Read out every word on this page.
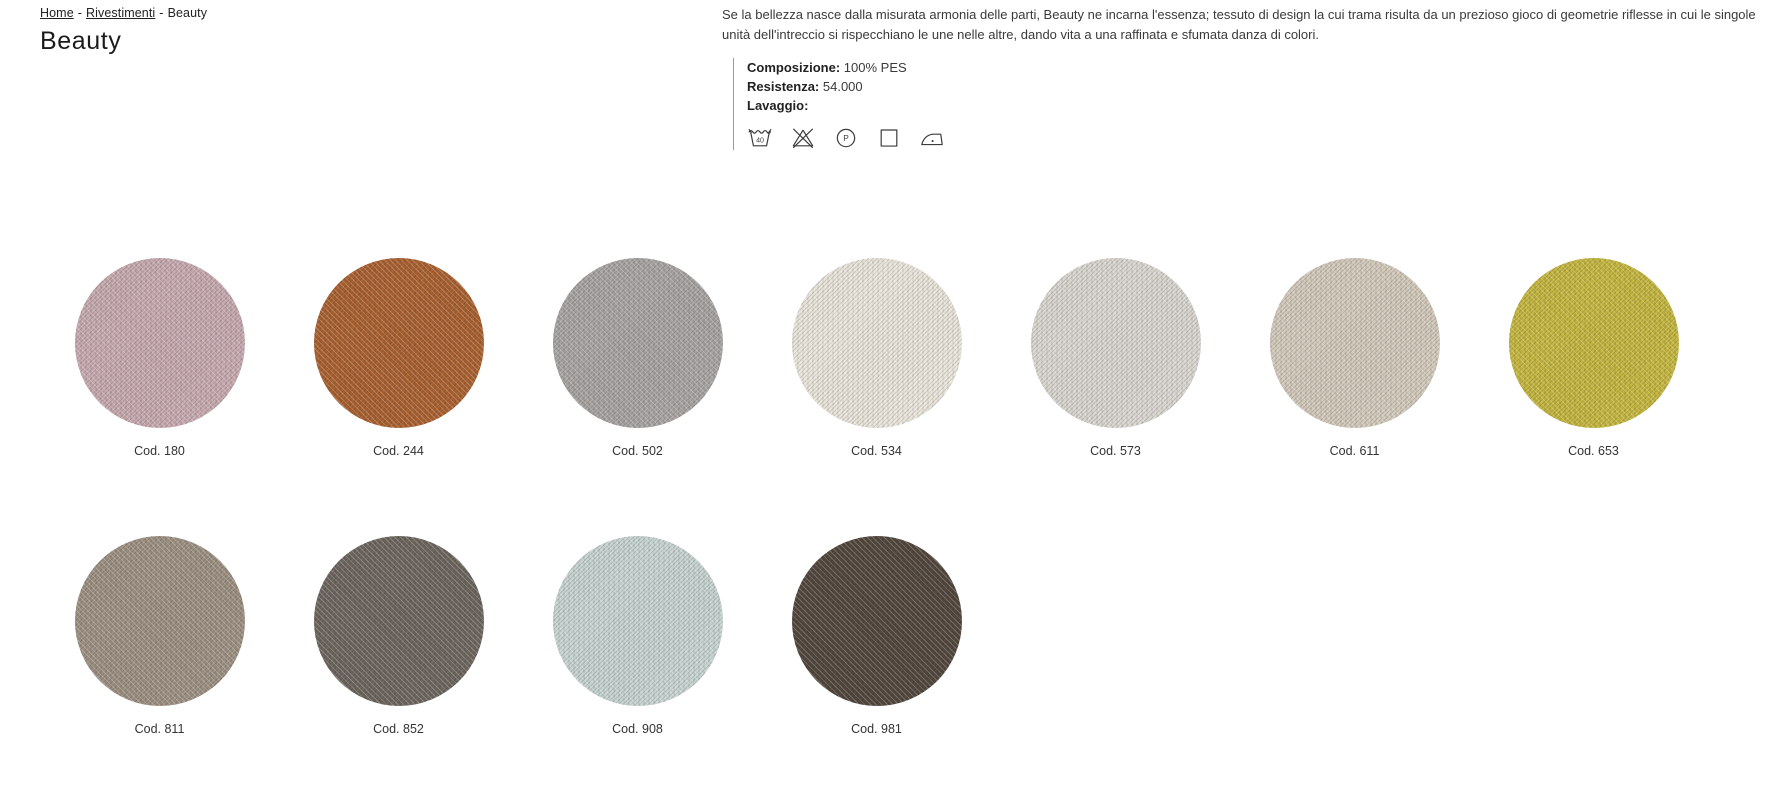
Home - Rivestimenti - Beauty
Beauty

Se la bellezza nasce dalla misurata armonia delle parti, Beauty ne incarna l'essenza; tessuto di design la cui trama risulta da un prezioso gioco di geometrie riflesse in cui le singole unità dell'intreccio si rispecchiano le une nelle altre, dando vita a una raffinata e sfumata danza di colori.

Composizione: 100% PES
Resistenza: 54.000
Lavaggio:
40	P
Cod. 180	Cod. 244	Cod. 502	Cod. 534	Cod. 573	Cod. 611	Cod. 653
Cod. 811	Cod. 852	Cod. 908	Cod. 981
